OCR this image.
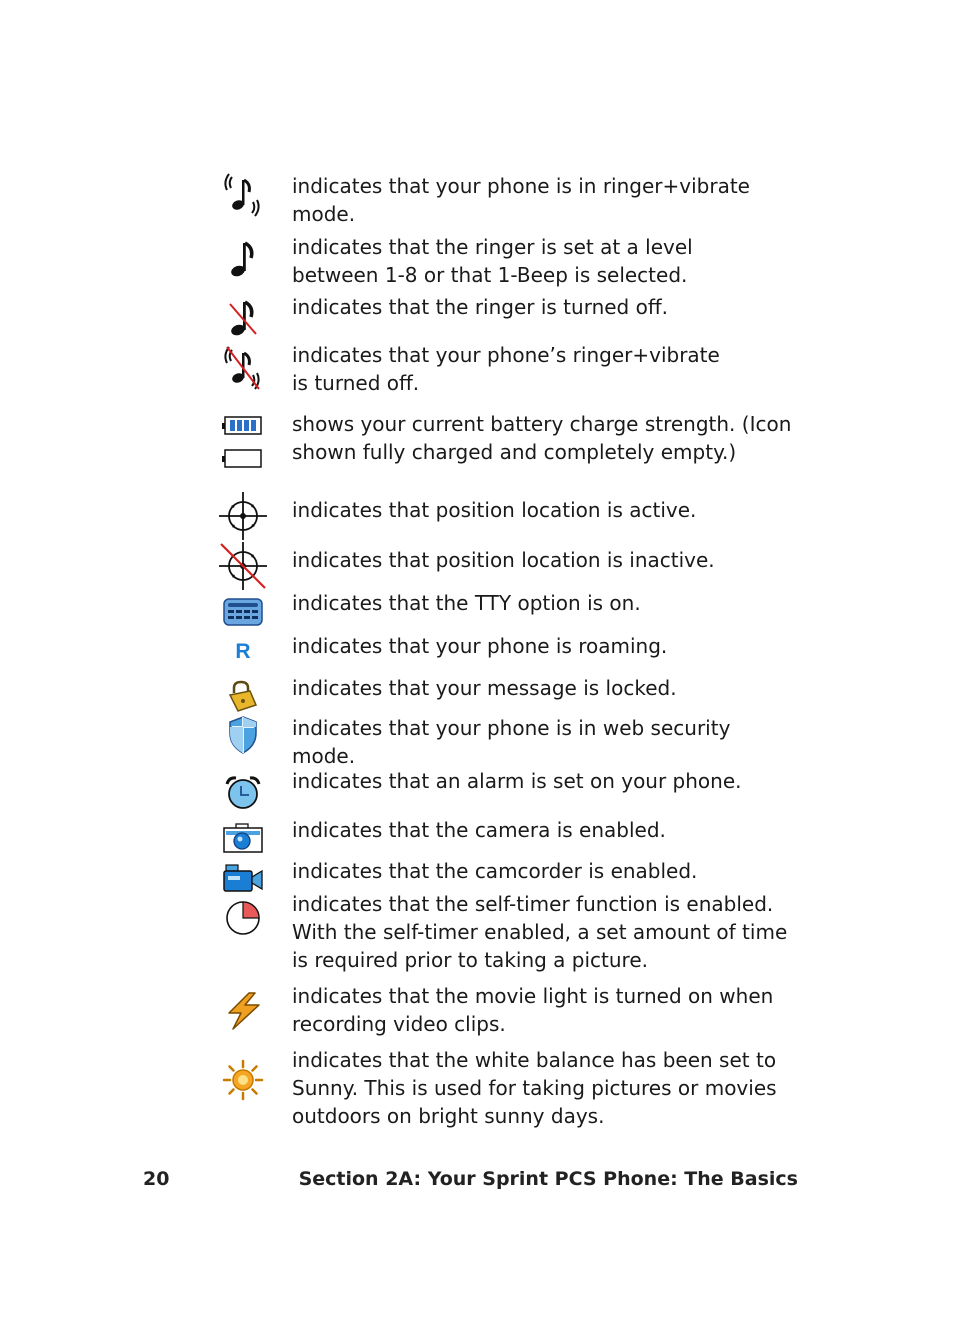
indicates that your phone is in ringer+vibrate
mode.

indicates that the ringer is set at a level
between 1-8 or that 1-Beep is selected.

indicates that the ringer is turned off.

indicates that your phone’s ringer+vibrate
is turned off.

shows your current battery charge strength. (Icon
shown fully charged and completely empty.)

indicates that position location is active.

indicates that position location is inactive.

indicates that the TTY option is on.

R indicates that your phone is roaming.

indicates that your message is locked.

indicates that your phone is in web security
mode.

indicates that an alarm is set on your phone.

indicates that the camera is enabled.

indicates that the camcorder is enabled.

indicates that the self-timer function is enabled.
With the self-timer enabled, a set amount of time
is required prior to taking a picture.

indicates that the movie light is turned on when
recording video clips.

indicates that the white balance has been set to
Sunny. This is used for taking pictures or movies
outdoors on bright sunny days.

20	Section 2A: Your Sprint PCS Phone: The Basics
